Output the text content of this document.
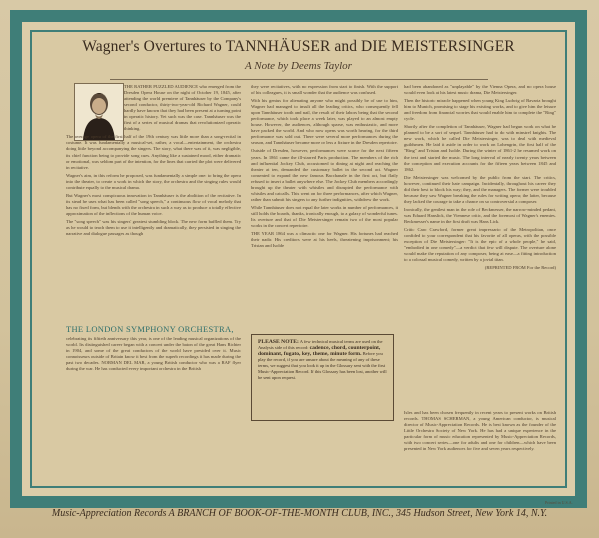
Wagner's Overtures to TANNHÄUSER and DIE MEISTERSINGER
A Note by Deems Taylor

THE RATHER PUZZLED AUDIENCE who emerged from the Dresden Opera House on the night of October 19, 1845, after attending the world premiere of Tannhäuser by the Company's second conductor, thirty-two-year-old Richard Wagner, could hardly have known that they had been present at a turning point in operatic history. Yet such was the case. Tannhäuser was the first of a series of musical dramas that revolutionized operatic thinking.

The average opera of the first half of the 19th century was little more than a song-recital in costume. It was fundamentally a musical-set, rather, a vocal—entertainment, the orchestra doing little beyond accompanying the singers. The story, what there was of it, was negligible, its chief function being to provide song cues. Anything like a sustained mood, either dramatic or emotional, was seldom part of the intention, for the lines that carried the plot were delivered in recitative.

Wagner's aim, in this reform he proposed, was fundamentally a simple one: to bring the opera into the theater, to create a work in which the story, the orchestra and the singing rules would contribute equally to the musical drama.

But Wagner's most conspicuous innovation in Tannhäuser is the abolition of the recitative. In its stead he uses what has been called "song speech," a continuous flow of vocal melody that has no fixed form, but blends with the orchestra in such a way as to produce a totally effective approximation of the inflections of the human voice.

The "song speech" was his singers' greatest stumbling block. The new form baffled them. Try as he would to teach them to use it intelligently and dramatically, they persisted in singing the narrative and dialogue passages as though

THE LONDON SYMPHONY ORCHESTRA,

celebrating its fiftieth anniversary this year, is one of the leading musical organizations of the world. Its distinguished career began with a concert under the baton of the great Hans Richter in 1904, and some of the great conductors of the world have presided over it. Music connoisseurs outside of Britain know it best from the superb recordings it has made during the past two decades. NORMAN DEL MAR, a young British conductor who was a RAF flyer during the war. He has conducted every important orchestra in the British

they were recitatives, with no expression from start to finish. With the support of his colleagues, it is small wonder that the audience was confused.

With his genius for alienating anyone who might possibly be of use to him, Wagner had managed to insult all the leading critics, who consequently fell upon Tannhäuser tooth and nail, the result of their labors being that the second performance, which took place a week later, was played to an almost empty house. However, the audiences, although sparse, was enthusiastic, and more have packed the world. And who now opens was worth hearing, for the third performance was sold out. There were several more performances during the season, and Tannhäuser became more or less a fixture in the Dresden repertoire.

Outside of Dresden, however, performances were scarce for the next fifteen years. In 1861 came the ill-starred Paris production. The members of the rich and influential Jockey Club, accustomed to dining at night and reaching the theater at ten, demanded the customary ballet in the second act. Wagner consented to expand the new famous Bacchanale in the first act, but flatly refused to insert a ballet anywhere else. The Jockey Club members accordingly brought up the theater with whistles and disrupted the performance with whistles and catcalls. This went on for three performances, after which Wagner, rather than submit his singers to any further indignities, withdrew the work.

While Tannhäuser does not equal the later works in number of performances, it still holds the boards, thanks, ironically enough, to a galaxy of wonderful tunes. Its overture and that of Die Meistersinger remain two of the most popular works in the concert repertoire.

THE YEAR 1864 was a climactic one for Wagner. His fortunes had reached their nadir. His creditors were at his heels, threatening imprisonment; his Tristan and Isolde

PLEASE NOTE: A few technical musical terms are used on the Analysis side of this record: cadence, chord, counterpoint, dominant, fugato, key, theme, minute form. Before you play the record, if you are unsure about the meaning of any of these terms, we suggest that you look it up in the Glossary sent with the first Music-Appreciation Record. If this Glossary has been lost, another will be sent upon request.

had been abandoned as "unplayable" by the Vienna Opera, and no opera house would even look at his latest music drama, Die Meistersinger.

Then the historic miracle happened when young King Ludwig of Bavaria brought him to Munich, promising to stage his existing works, and to give him the leisure and freedom from financial worries that would enable him to complete the "Ring" cycle.

Shortly after the completion of Tannhäuser, Wagner had begun work on what he planned to be a sort of sequel. Tannhäuser had to do with minstrel knights. The new work, which he called Die Meistersinger, was to deal with medieval guildsmen. He laid it aside in order to work on Lohengrin, the first half of the "Ring" and Tristan and Isolde. During the winter of 1861-2 he resumed work on the text and started the music. The long interval of nearly twenty years between the conception and execution accounts for the fifteen years between 1845 and 1862.

Die Meistersinger was welcomed by the public from the start. The critics, however, continued their hate campaign. Incidentally, throughout his career they did their best to block his way; they, and the managers. The former were troubled because they saw Wagner breaking the rules for writing opera; the latter, because they lacked the courage to take a chance on so controversial a composer.

Ironically, the gentlest man in the role of Beckmesser, the narrow-minded pedant, was Eduard Hanslick, the Viennese critic, and the foremost of Wagner's enemies. Beckmesser's name in the first draft was Hans Lick.

Critic Caro Crawford, former great impressario of the Metropolitan, once confided to your correspondent that his favorite of all operas, with the possible exception of Die Meistersinger: "It is the epic of a whole people," he said, "embodied in one comedy"—a verdict that few will dispute. The overture alone would make the reputation of any composer, being at ease—a fitting introduction to a colossal musical comedy, written by a jovial titan.

(REPRINTED FROM For the Record)

Isles and has been chosen frequently in recent years to present works on British records. THOMAS SCHERMAN, a young American conductor, is musical director of Music-Appreciation Records. He is best known as the founder of the Little Orchestra Society of New York. He has had a unique experience in the particular form of music education represented by Music-Appreciation Records, with two concert series—one for adults and one for children—which have been presented in New York audiences for five and seven years respectively.

Printed in U.S.A.
Music-Appreciation Records A BRANCH OF BOOK-OF-THE-MONTH CLUB, INC., 345 Hudson Street, New York 14, N.Y.
